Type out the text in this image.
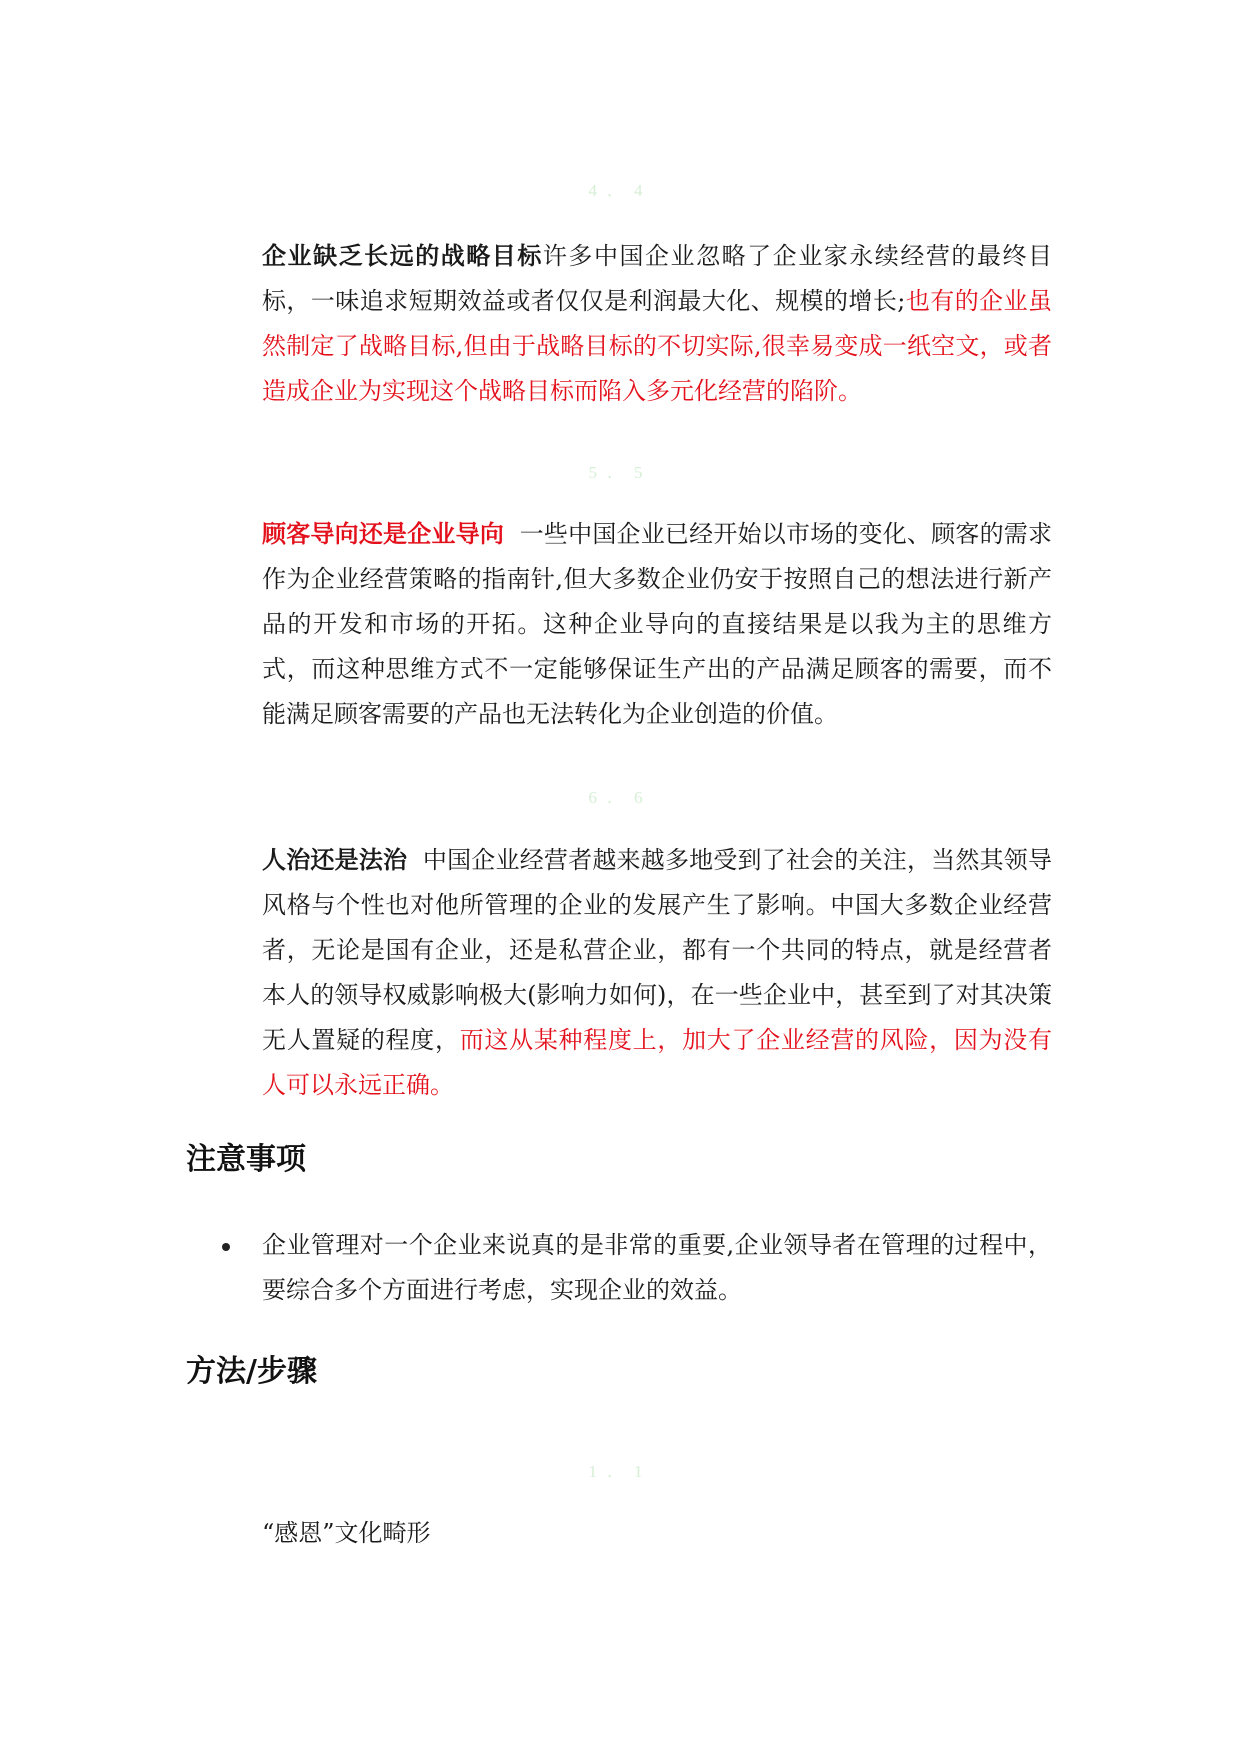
4．4
企业缺乏长远的战略目标许多中国企业忽略了企业家永续经营的最终目标，一味追求短期效益或者仅仅是利润最大化、规模的增长;也有的企业虽然制定了战略目标,但由于战略目标的不切实际,很幸易变成一纸空文，或者造成企业为实现这个战略目标而陷入多元化经营的陷阶。
5．5
顾客导向还是企业导向  一些中国企业已经开始以市场的变化、顾客的需求作为企业经营策略的指南针,但大多数企业仍安于按照自己的想法进行新产品的开发和市场的开拓。这种企业导向的直接结果是以我为主的思维方式，而这种思维方式不一定能够保证生产出的产品满足顾客的需要，而不能满足顾客需要的产品也无法转化为企业创造的价值。
6．6
人治还是法治  中国企业经营者越来越多地受到了社会的关注，当然其领导风格与个性也对他所管理的企业的发展产生了影响。中国大多数企业经营者，无论是国有企业，还是私营企业，都有一个共同的特点，就是经营者本人的领导权威影响极大(影响力如何)，在一些企业中，甚至到了对其决策无人置疑的程度，而这从某种程度上，加大了企业经营的风险，因为没有人可以永远正确。
注意事项
企业管理对一个企业来说真的是非常的重要,企业领导者在管理的过程中，要综合多个方面进行考虑，实现企业的效益。
方法/步骤
1．1
“感恩”文化畸形
